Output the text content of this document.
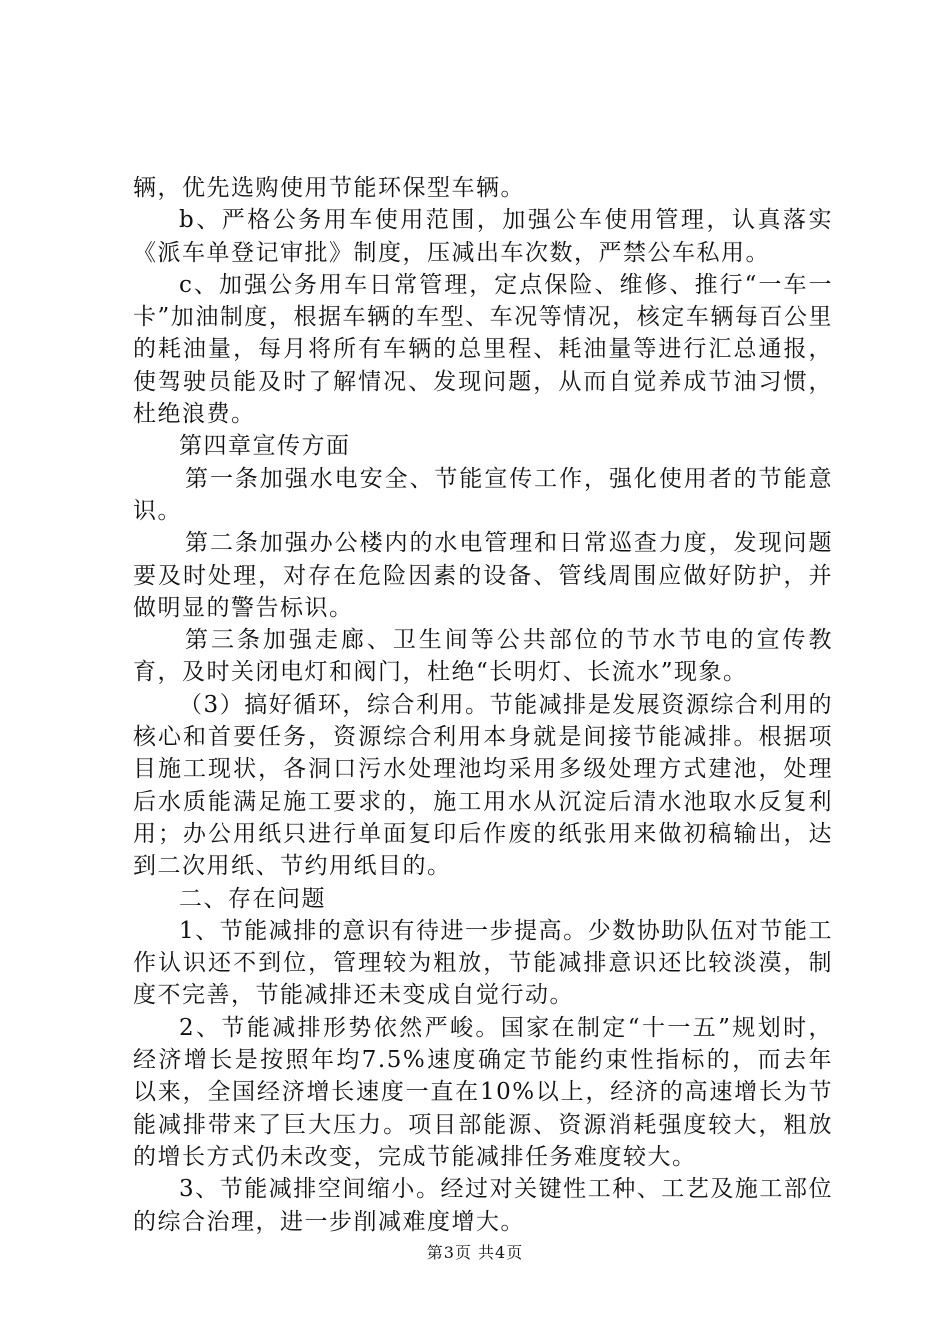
辆，优先选购使用节能环保型车辆。

b、严格公务用车使用范围，加强公车使用管理，认真落实《派车单登记审批》制度，压减出车次数，严禁公车私用。

c、加强公务用车日常管理，定点保险、维修、推行“一车一卡”加油制度，根据车辆的车型、车况等情况，核定车辆每百公里的耗油量，每月将所有车辆的总里程、耗油量等进行汇总通报，使驾驶员能及时了解情况、发现问题，从而自觉养成节油习惯，杜绝浪费。

第四章宣传方面

第一条加强水电安全、节能宣传工作，强化使用者的节能意识。

第二条加强办公楼内的水电管理和日常巡查力度，发现问题要及时处理，对存在危险因素的设备、管线周围应做好防护，并做明显的警告标识。

第三条加强走廊、卫生间等公共部位的节水节电的宣传教育，及时关闭电灯和阀门，杜绝“长明灯、长流水”现象。

（3）搞好循环，综合利用。节能减排是发展资源综合利用的核心和首要任务，资源综合利用本身就是间接节能减排。根据项目施工现状，各洞口污水处理池均采用多级处理方式建池，处理后水质能满足施工要求的，施工用水从沉淀后清水池取水反复利用；办公用纸只进行单面复印后作废的纸张用来做初稿输出，达到二次用纸、节约用纸目的。

二、存在问题

1、节能减排的意识有待进一步提高。少数协助队伍对节能工作认识还不到位，管理较为粗放，节能减排意识还比较淡漠，制度不完善，节能减排还未变成自觉行动。

2、节能减排形势依然严峻。国家在制定“十一五”规划时，经济增长是按照年均7.5%速度确定节能约束性指标的，而去年以来，全国经济增长速度一直在10%以上，经济的高速增长为节能减排带来了巨大压力。项目部能源、资源消耗强度较大，粗放的增长方式仍未改变，完成节能减排任务难度较大。

3、节能减排空间缩小。经过对关键性工种、工艺及施工部位的综合治理，进一步削减难度增大。

第3页 共4页
